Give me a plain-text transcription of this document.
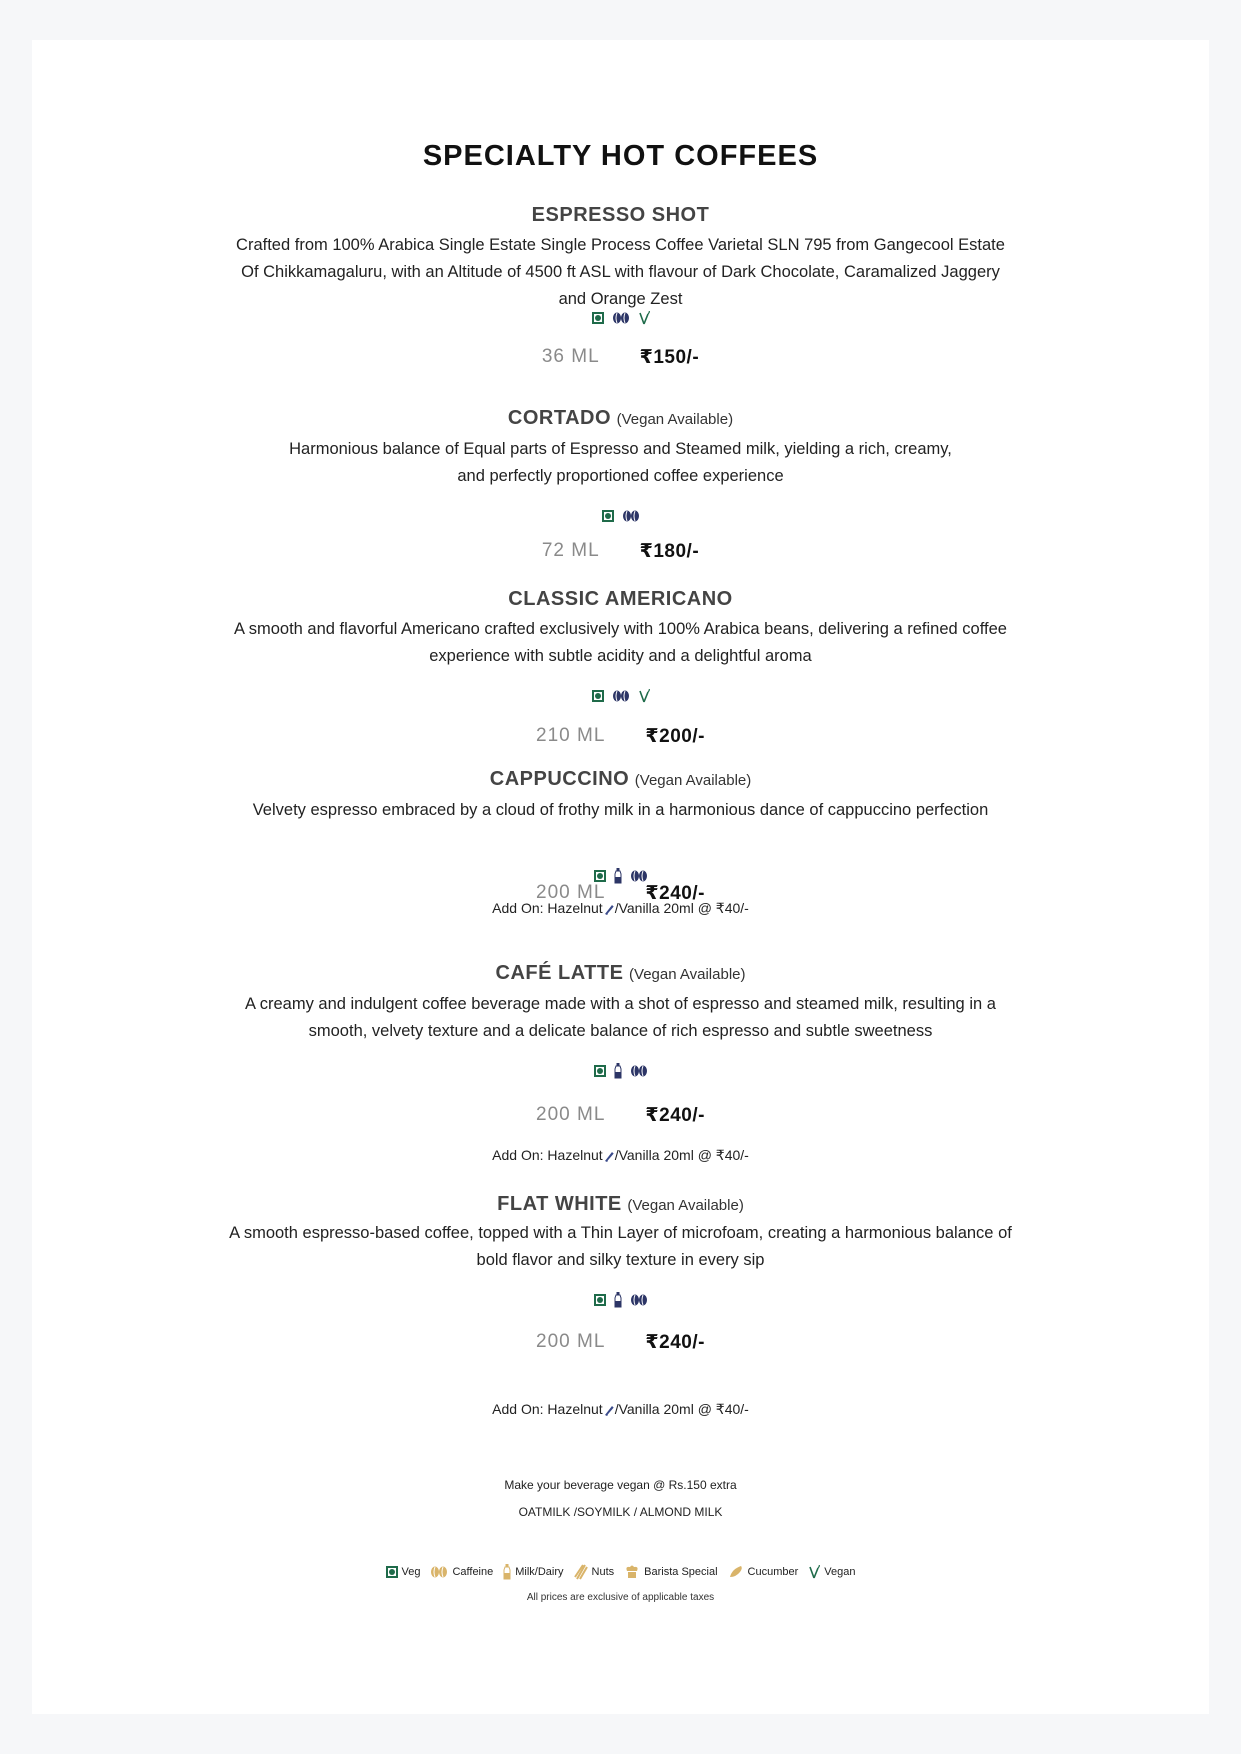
SPECIALTY HOT COFFEES
ESPRESSO SHOT
Crafted from 100% Arabica Single Estate Single Process Coffee Varietal SLN 795 from Gangecool Estate
Of Chikkamagaluru, with an Altitude of 4500 ft ASL with flavour of Dark Chocolate, Caramalized Jaggery
and Orange Zest
36 ML ₹150/-
CORTADO (Vegan Available)
Harmonious balance of Equal parts of Espresso and Steamed milk, yielding a rich, creamy,
and perfectly proportioned coffee experience
72 ML ₹180/-
CLASSIC AMERICANO
A smooth and flavorful Americano crafted exclusively with 100% Arabica beans, delivering a refined coffee
experience with subtle acidity and a delightful aroma
210 ML ₹200/-
CAPPUCCINO (Vegan Available)
Velvety espresso embraced by a cloud of frothy milk in a harmonious dance of cappuccino perfection
200 ML ₹240/-
Add On: Hazelnut /Vanilla 20ml @ ₹40/-
CAFÉ LATTE (Vegan Available)
A creamy and indulgent coffee beverage made with a shot of espresso and steamed milk, resulting in a
smooth, velvety texture and a delicate balance of rich espresso and subtle sweetness
200 ML ₹240/-
Add On: Hazelnut /Vanilla 20ml @ ₹40/-
FLAT WHITE (Vegan Available)
A smooth espresso-based coffee, topped with a Thin Layer of microfoam, creating a harmonious balance of
bold flavor and silky texture in every sip
200 ML ₹240/-
Add On: Hazelnut /Vanilla 20ml @ ₹40/-
Make your beverage vegan @ Rs.150 extra
OATMILK /SOYMILK / ALMOND MILK
Veg	Caffeine Milk/Dairy	Nuts	Barista Special	Cucumber Vegan
All prices are exclusive of applicable taxes
